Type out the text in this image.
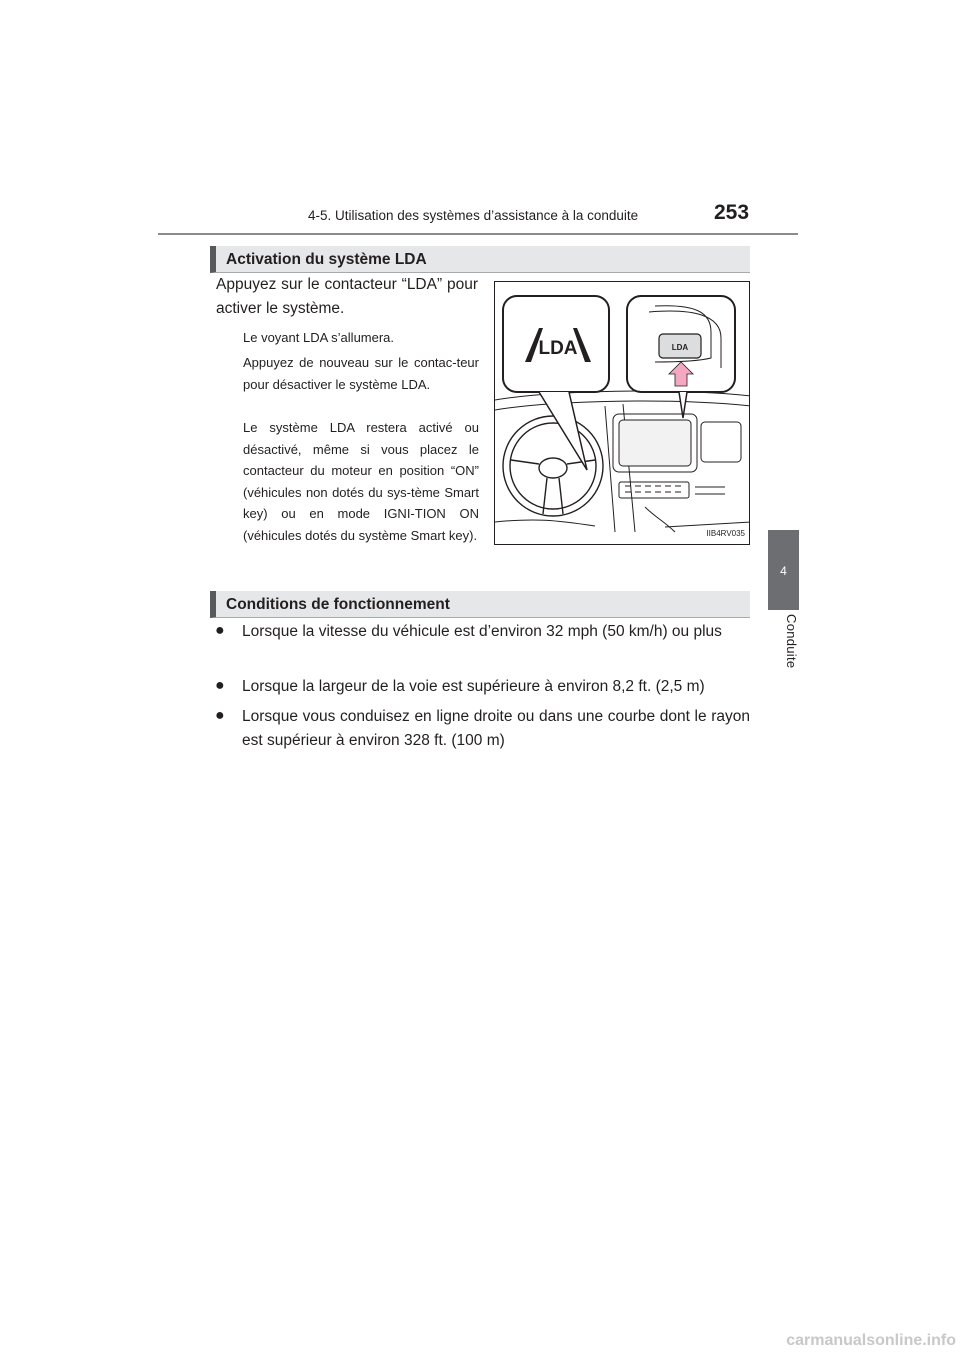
4-5. Utilisation des systèmes d’assistance à la conduite	253
4
Conduite
Activation du système LDA
Appuyez sur le contacteur “LDA” pour activer le système.
Le voyant LDA s’allumera.
Appuyez de nouveau sur le contac-teur pour désactiver le système LDA.
Le système LDA restera activé ou désactivé, même si vous placez le contacteur du moteur en position “ON” (véhicules non dotés du sys-tème Smart key) ou en mode IGNI-TION ON (véhicules dotés du système Smart key).
LDA	LDA
IIB4RV035
Conditions de fonctionnement
● Lorsque la vitesse du véhicule est d’environ 32 mph (50 km/h) ou plus
● Lorsque la largeur de la voie est supérieure à environ 8,2 ft. (2,5 m)
● Lorsque vous conduisez en ligne droite ou dans une courbe dont le rayon est supérieur à environ 328 ft. (100 m)
carmanualsonline.info
